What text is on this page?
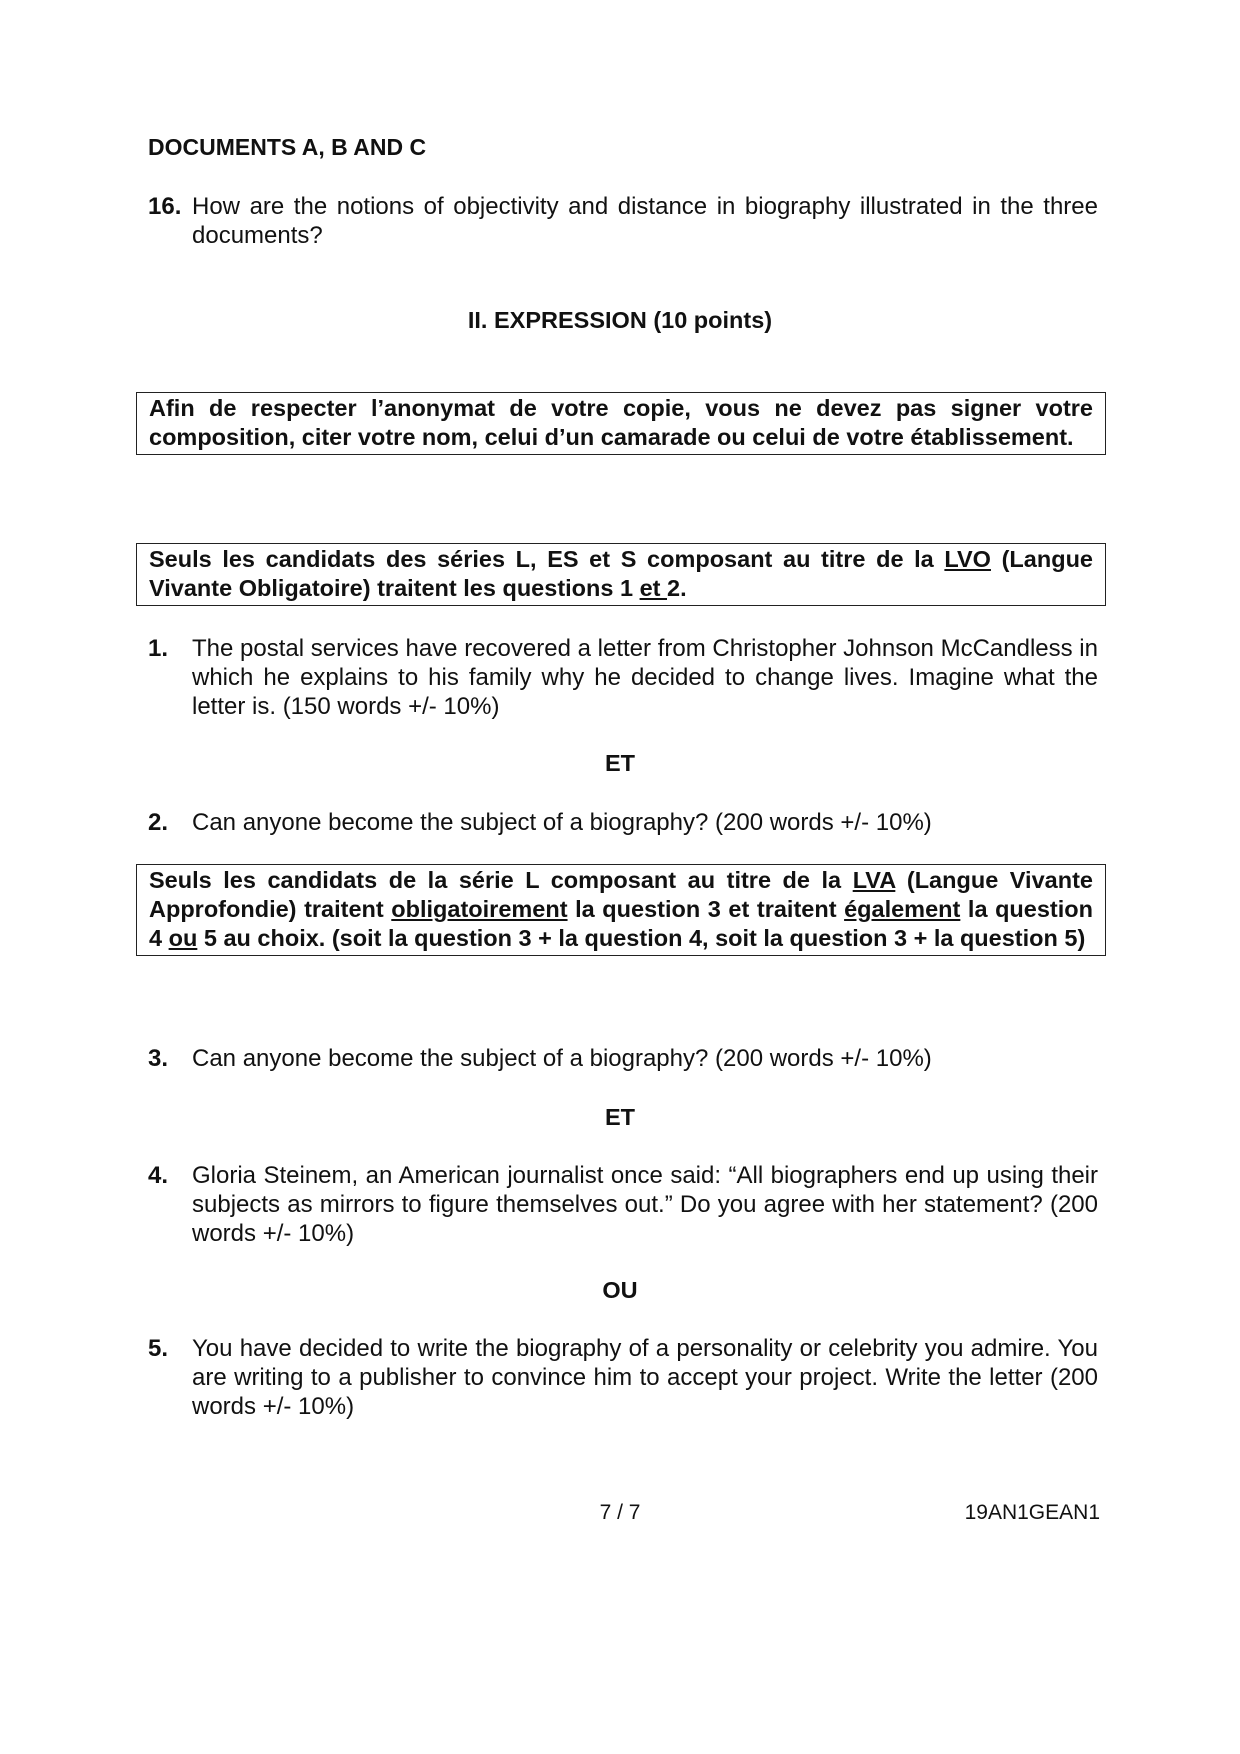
DOCUMENTS A, B AND C
16. How are the notions of objectivity and distance in biography illustrated in the three documents?
II. EXPRESSION (10 points)
Afin de respecter l’anonymat de votre copie, vous ne devez pas signer votre composition, citer votre nom, celui d’un camarade ou celui de votre établissement.
Seuls les candidats des séries L, ES et S composant au titre de la LVO (Langue Vivante Obligatoire) traitent les questions 1 et 2.
1. The postal services have recovered a letter from Christopher Johnson McCandless in which he explains to his family why he decided to change lives. Imagine what the letter is. (150 words +/- 10%)
ET
2. Can anyone become the subject of a biography? (200 words +/- 10%)
Seuls les candidats de la série L composant au titre de la LVA (Langue Vivante Approfondie) traitent obligatoirement la question 3 et traitent également la question 4 ou 5 au choix. (soit la question 3 + la question 4, soit la question 3 + la question 5)
3. Can anyone become the subject of a biography? (200 words +/- 10%)
ET
4. Gloria Steinem, an American journalist once said: “All biographers end up using their subjects as mirrors to figure themselves out.” Do you agree with her statement? (200 words +/- 10%)
OU
5. You have decided to write the biography of a personality or celebrity you admire. You are writing to a publisher to convince him to accept your project. Write the letter (200 words +/- 10%)
7 / 7	19AN1GEAN1
